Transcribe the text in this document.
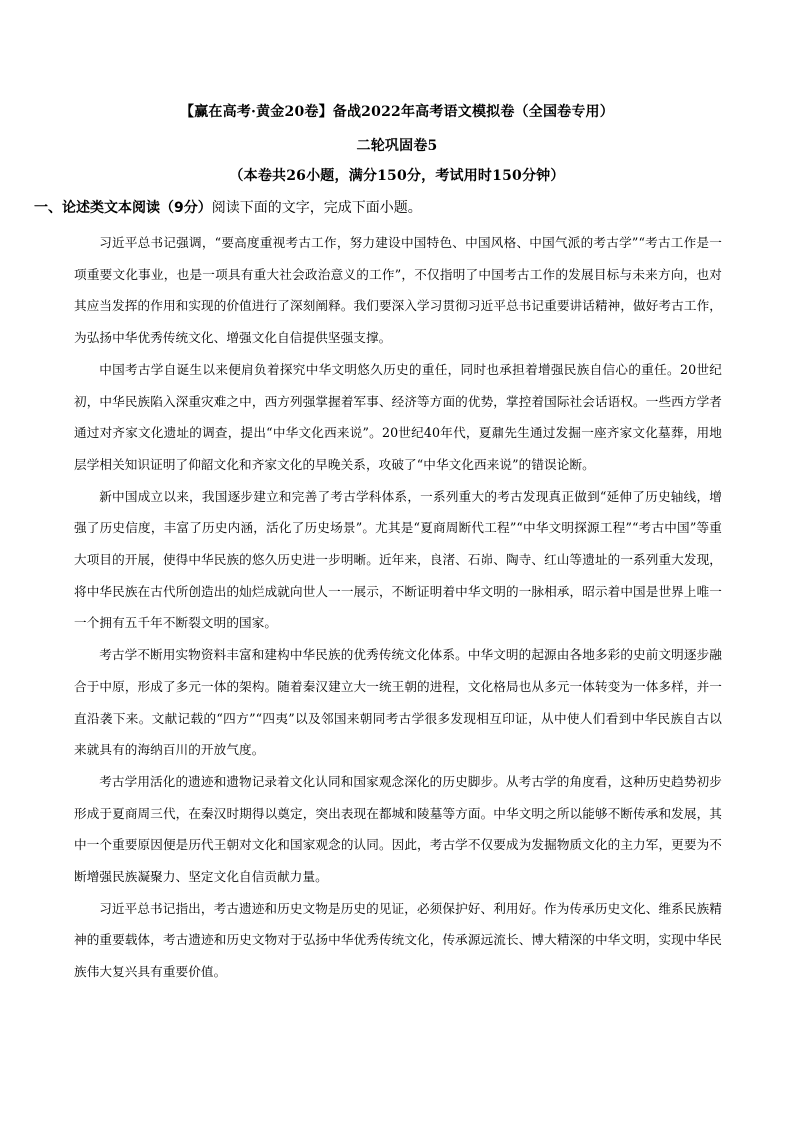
【赢在高考·黄金20卷】备战2022年高考语文模拟卷（全国卷专用）
二轮巩固卷5
（本卷共26小题，满分150分，考试用时150分钟）
一、论述类文本阅读（9分）阅读下面的文字，完成下面小题。

习近平总书记强调，“要高度重视考古工作，努力建设中国特色、中国风格、中国气派的考古学”“考古工作是一项重要文化事业，也是一项具有重大社会政治意义的工作”，不仅指明了中国考古工作的发展目标与未来方向，也对其应当发挥的作用和实现的价值进行了深刻阐释。我们要深入学习贯彻习近平总书记重要讲话精神，做好考古工作，为弘扬中华优秀传统文化、增强文化自信提供坚强支撑。

中国考古学自诞生以来便肩负着探究中华文明悠久历史的重任，同时也承担着增强民族自信心的重任。20世纪初，中华民族陷入深重灾难之中，西方列强掌握着军事、经济等方面的优势，掌控着国际社会话语权。一些西方学者通过对齐家文化遗址的调查，提出“中华文化西来说”。20世纪40年代，夏鼐先生通过发掘一座齐家文化墓葬，用地层学相关知识证明了仰韶文化和齐家文化的早晚关系，攻破了“中华文化西来说”的错误论断。

新中国成立以来，我国逐步建立和完善了考古学科体系，一系列重大的考古发现真正做到“延伸了历史轴线，增强了历史信度，丰富了历史内涵，活化了历史场景”。尤其是“夏商周断代工程”“中华文明探源工程”“考古中国”等重大项目的开展，使得中华民族的悠久历史进一步明晰。近年来，良渚、石峁、陶寺、红山等遗址的一系列重大发现，将中华民族在古代所创造出的灿烂成就向世人一一展示，不断证明着中华文明的一脉相承，昭示着中国是世界上唯一一个拥有五千年不断裂文明的国家。

考古学不断用实物资料丰富和建构中华民族的优秀传统文化体系。中华文明的起源由各地多彩的史前文明逐步融合于中原，形成了多元一体的架构。随着秦汉建立大一统王朝的进程，文化格局也从多元一体转变为一体多样，并一直沿袭下来。文献记载的“四方”“四夷”以及邻国来朝同考古学很多发现相互印证，从中使人们看到中华民族自古以来就具有的海纳百川的开放气度。

考古学用活化的遗迹和遗物记录着文化认同和国家观念深化的历史脚步。从考古学的角度看，这种历史趋势初步形成于夏商周三代，在秦汉时期得以奠定，突出表现在都城和陵墓等方面。中华文明之所以能够不断传承和发展，其中一个重要原因便是历代王朝对文化和国家观念的认同。因此，考古学不仅要成为发掘物质文化的主力军，更要为不断增强民族凝聚力、坚定文化自信贡献力量。

习近平总书记指出，考古遗迹和历史文物是历史的见证，必须保护好、利用好。作为传承历史文化、维系民族精神的重要载体，考古遗迹和历史文物对于弘扬中华优秀传统文化，传承源远流长、博大精深的中华文明，实现中华民族伟大复兴具有重要价值。
